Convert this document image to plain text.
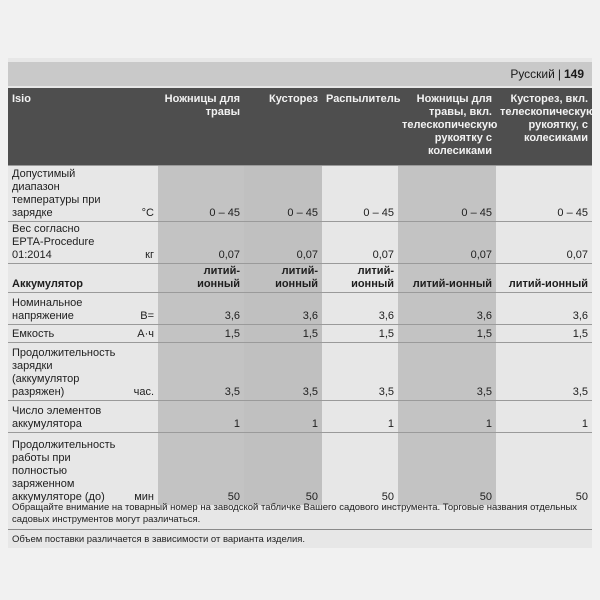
Русский | 149
Isio		Ножницы для травы	Кусторез	Распылитель	Ножницы для травы, вкл. телескопическую рукоятку с колесиками	Кусторез, вкл. телескопическую рукоятку, с колесиками
Допустимый диапазон температуры при зарядке	°C	0 – 45	0 – 45	0 – 45	0 – 45	0 – 45
Вес согласно EPTA-Procedure 01:2014	кг	0,07	0,07	0,07	0,07	0,07
Аккумулятор		литий-ионный	литий-ионный	литий-ионный	литий-ионный	литий-ионный
Номинальное напряжение	В=	3,6	3,6	3,6	3,6	3,6
Емкость	А·ч	1,5	1,5	1,5	1,5	1,5
Продолжительность зарядки (аккумулятор разряжен)	час.	3,5	3,5	3,5	3,5	3,5
Число элементов аккумулятора		1	1	1	1	1
Продолжительность работы при полностью заряженном аккумуляторе (до)	мин	50	50	50	50	50

Обращайте внимание на товарный номер на заводской табличке Вашего садового инструмента. Торговые названия отдельных садовых инструментов могут различаться.

Объем поставки различается в зависимости от варианта изделия.
